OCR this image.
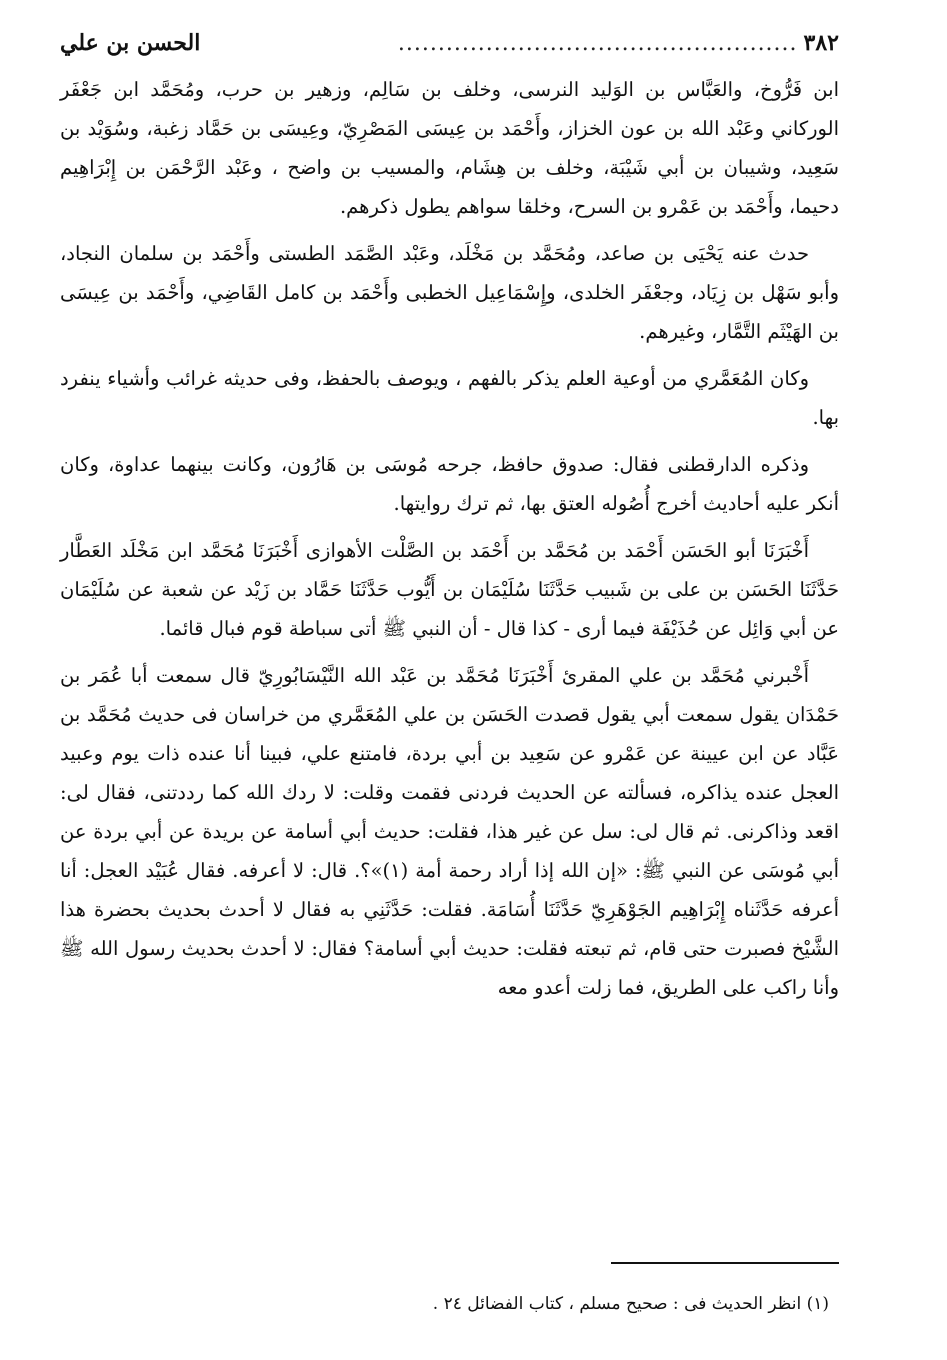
٣٨٢
..................................................
الحسن بن علي

ابن فَرُّوخ، والعَبَّاس بن الوَليد النرسى، وخلف بن سَالِم، وزهير بن حرب، ومُحَمَّد ابن جَعْفَر الوركاني وعَبْد الله بن عون الخزاز، وأَحْمَد بن عِيسَى المَصْرِيّ، وعِيسَى بن حَمَّاد زغبة، وسُوَيْد بن سَعِيد، وشيبان بن أبي شَيْبَة، وخلف بن هِشَام، والمسيب بن واضح ، وعَبْد الرَّحْمَن بن إِبْرَاهِيم دحيما، وأَحْمَد بن عَمْرو بن السرح، وخلقا سواهم يطول ذكرهم.

حدث عنه يَحْيَى بن صاعد، ومُحَمَّد بن مَخْلَد، وعَبْد الصَّمَد الطستى وأَحْمَد بن سلمان النجاد، وأبو سَهْل بن زِيَاد، وجعْفَر الخلدى، وإِسْمَاعِيل الخطبى وأَحْمَد بن كامل القَاضِي، وأَحْمَد بن عِيسَى بن الهَيْثَم التَّمَّار، وغيرهم.

وكان المُعَمَّري من أوعية العلم يذكر بالفهم ، ويوصف بالحفظ، وفى حديثه غرائب وأشياء ينفرد بها.

وذكره الدارقطنى فقال: صدوق حافظ، جرحه مُوسَى بن هَارُون، وكانت بينهما عداوة، وكان أنكر عليه أحاديث أخرج أُصُوله العتق بها، ثم ترك روايتها.

أَخْبَرَنَا أبو الحَسَن أَحْمَد بن مُحَمَّد بن أَحْمَد بن الصَّلْت الأهوازى أَخْبَرَنَا مُحَمَّد ابن مَخْلَد العَطَّار حَدَّثَنَا الحَسَن بن على بن شَبيب حَدَّثَنَا سُلَيْمَان بن أَيُّوب حَدَّثَنَا حَمَّاد بن زَيْد عن شعبة عن سُلَيْمَان عن أبي وَائِل عن حُذَيْفَة فيما أرى - كذا قال - أن النبي ﷺ أتى سباطة قوم فبال قائما.

أَخْبرني مُحَمَّد بن علي المقرئ أَخْبَرَنَا مُحَمَّد بن عَبْد الله النَّيْسَابُورِيّ قال سمعت أبا عُمَر بن حَمْدَان يقول سمعت أبي يقول قصدت الحَسَن بن علي المُعَمَّري من خراسان فى حديث مُحَمَّد بن عَبَّاد عن ابن عيينة عن عَمْرو عن سَعِيد بن أبي بردة، فامتنع علي، فبينا أنا عنده ذات يوم وعبيد العجل عنده يذاكره، فسألته عن الحديث فردنى فقمت وقلت: لا ردك الله كما رددتنى، فقال لى: اقعد وذاكرنى. ثم قال لى: سل عن غير هذا، فقلت: حديث أبي أسامة عن بريدة عن أبي بردة عن أبي مُوسَى عن النبي ﷺ: «إن الله إذا أراد رحمة أمة (١)»؟. قال: لا أعرفه. فقال عُبَيْد العجل: أنا أعرفه حَدَّثَناه إِبْرَاهِيم الجَوْهَرِيّ حَدَّثَنَا أُسَامَة. فقلت: حَدَّثَنِي به فقال لا أحدث بحديث بحضرة هذا الشَّيْخ فصبرت حتى قام، ثم تبعته فقلت: حديث أبي أسامة؟ فقال: لا أحدث بحديث رسول الله ﷺ وأنا راكب على الطريق، فما زلت أعدو معه

(١) انظر الحديث فى : صحيح مسلم ، كتاب الفضائل ٢٤ .
